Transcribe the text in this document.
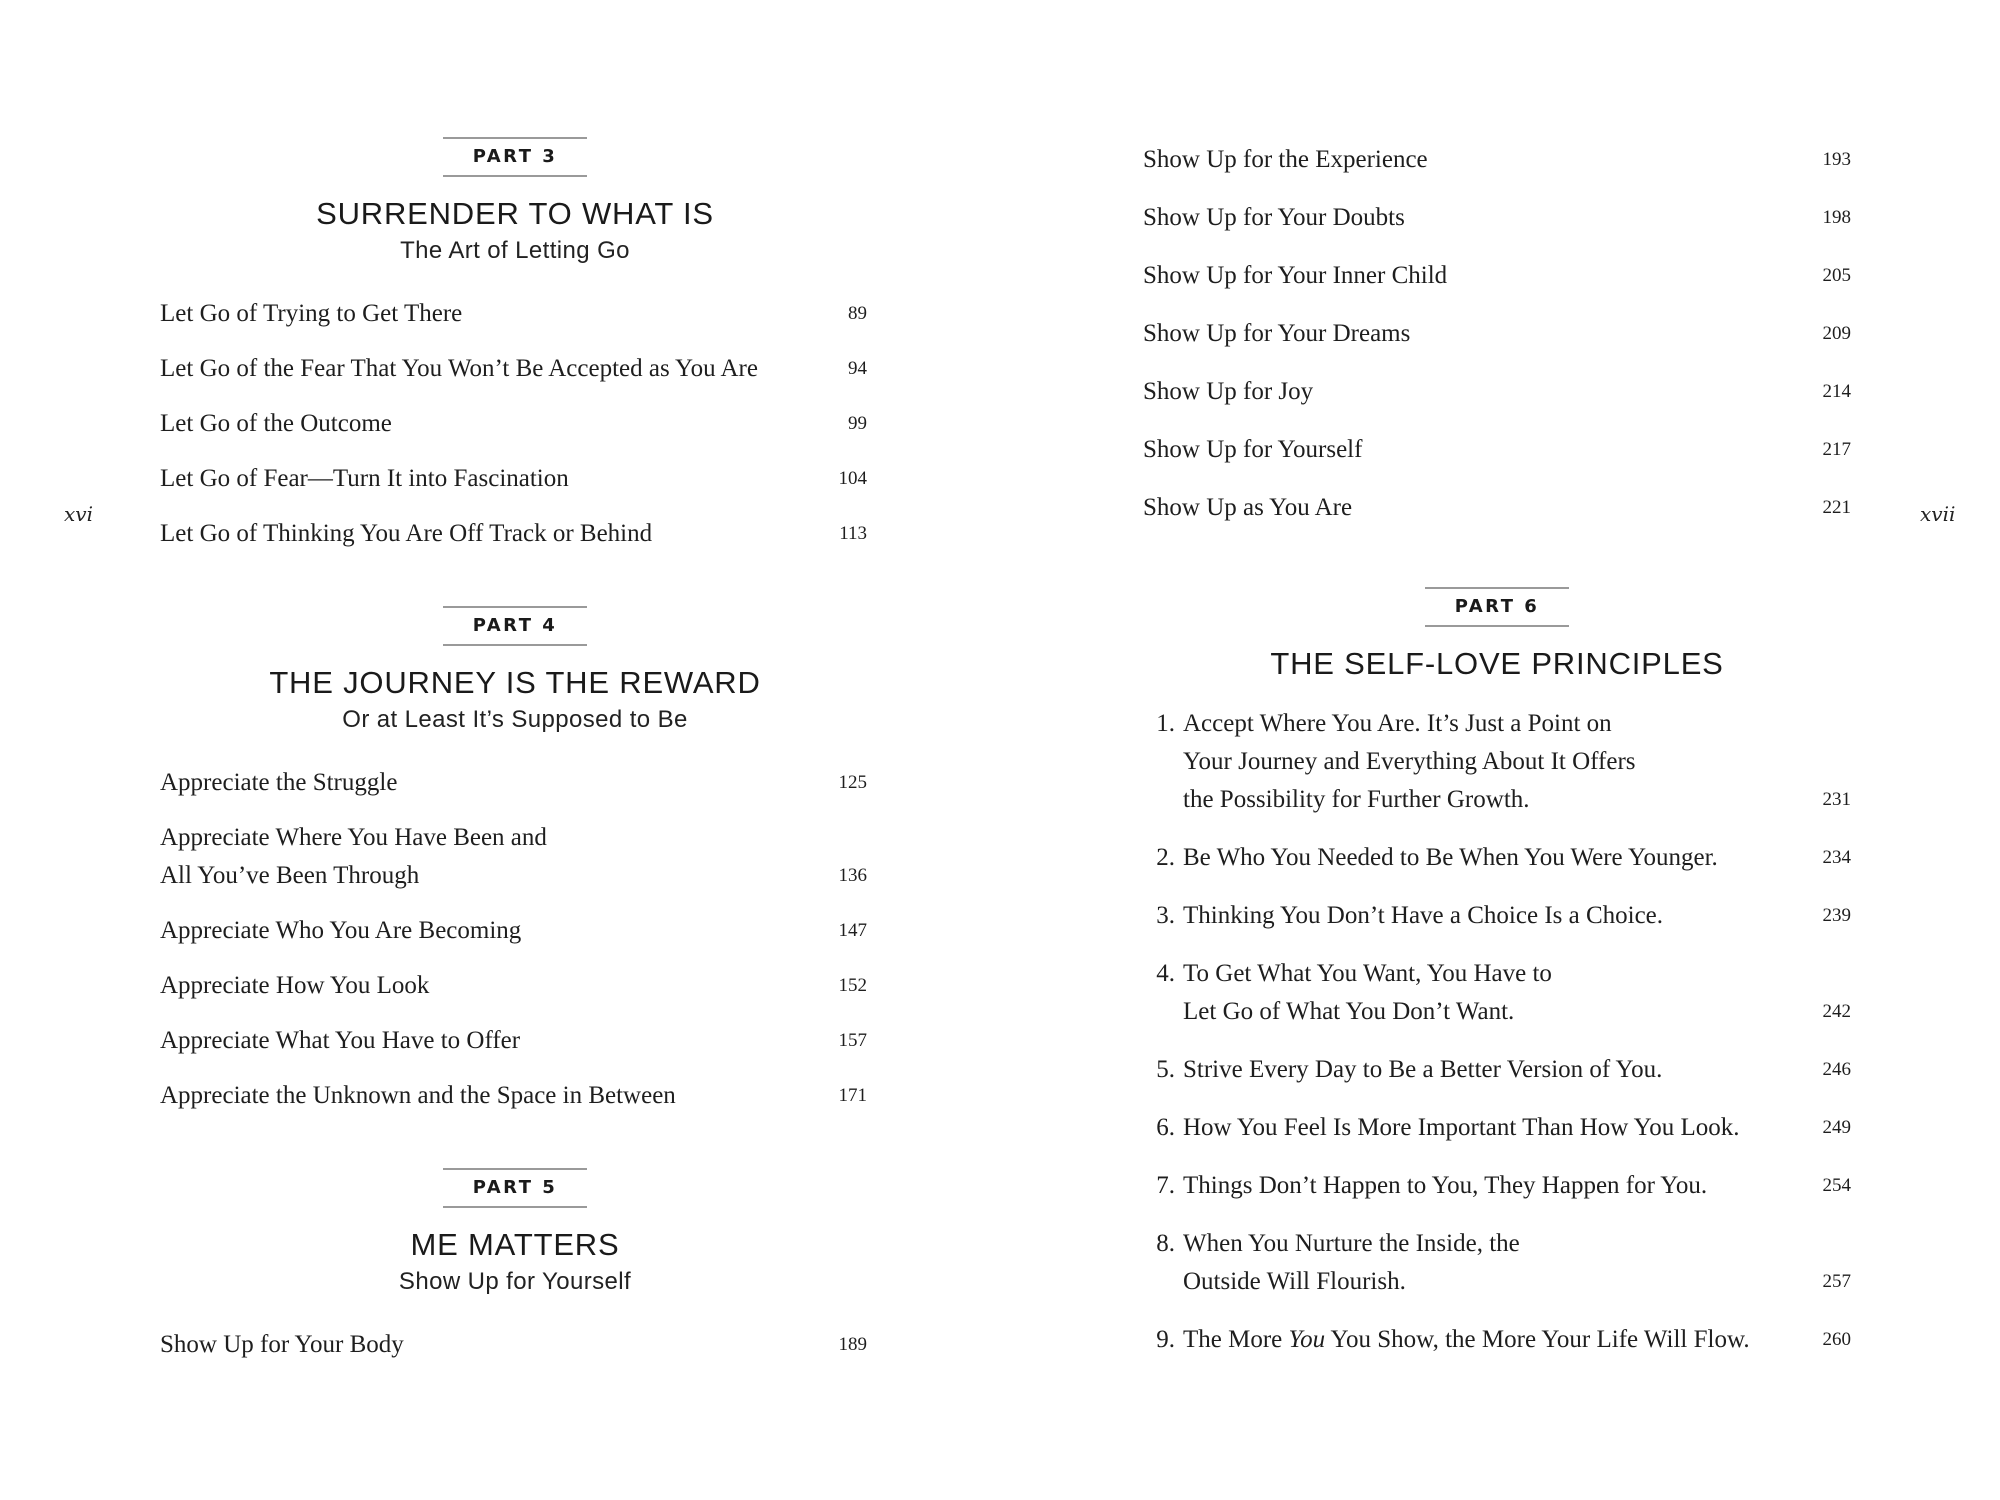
xvi
PART 3
SURRENDER TO WHAT IS
The Art of Letting Go
Let Go of Trying to Get There	89
Let Go of the Fear That You Won’t Be Accepted as You Are	94
Let Go of the Outcome	99
Let Go of Fear—Turn It into Fascination	104
Let Go of Thinking You Are Off Track or Behind	113
PART 4
THE JOURNEY IS THE REWARD
Or at Least It’s Supposed to Be
Appreciate the Struggle	125
Appreciate Where You Have Been and
All You’ve Been Through	136
Appreciate Who You Are Becoming	147
Appreciate How You Look	152
Appreciate What You Have to Offer	157
Appreciate the Unknown and the Space in Between	171
PART 5
ME MATTERS
Show Up for Yourself
Show Up for Your Body	189
xvii
Show Up for the Experience	193
Show Up for Your Doubts	198
Show Up for Your Inner Child	205
Show Up for Your Dreams	209
Show Up for Joy	214
Show Up for Yourself	217
Show Up as You Are	221
PART 6
THE SELF-LOVE PRINCIPLES
1. Accept Where You Are. It’s Just a Point on
Your Journey and Everything About It Offers
the Possibility for Further Growth.	231
2. Be Who You Needed to Be When You Were Younger.	234
3. Thinking You Don’t Have a Choice Is a Choice.	239
4. To Get What You Want, You Have to
Let Go of What You Don’t Want.	242
5. Strive Every Day to Be a Better Version of You.	246
6. How You Feel Is More Important Than How You Look.	249
7. Things Don’t Happen to You, They Happen for You.	254
8. When You Nurture the Inside, the
Outside Will Flourish.	257
9. The More You You Show, the More Your Life Will Flow.	260
